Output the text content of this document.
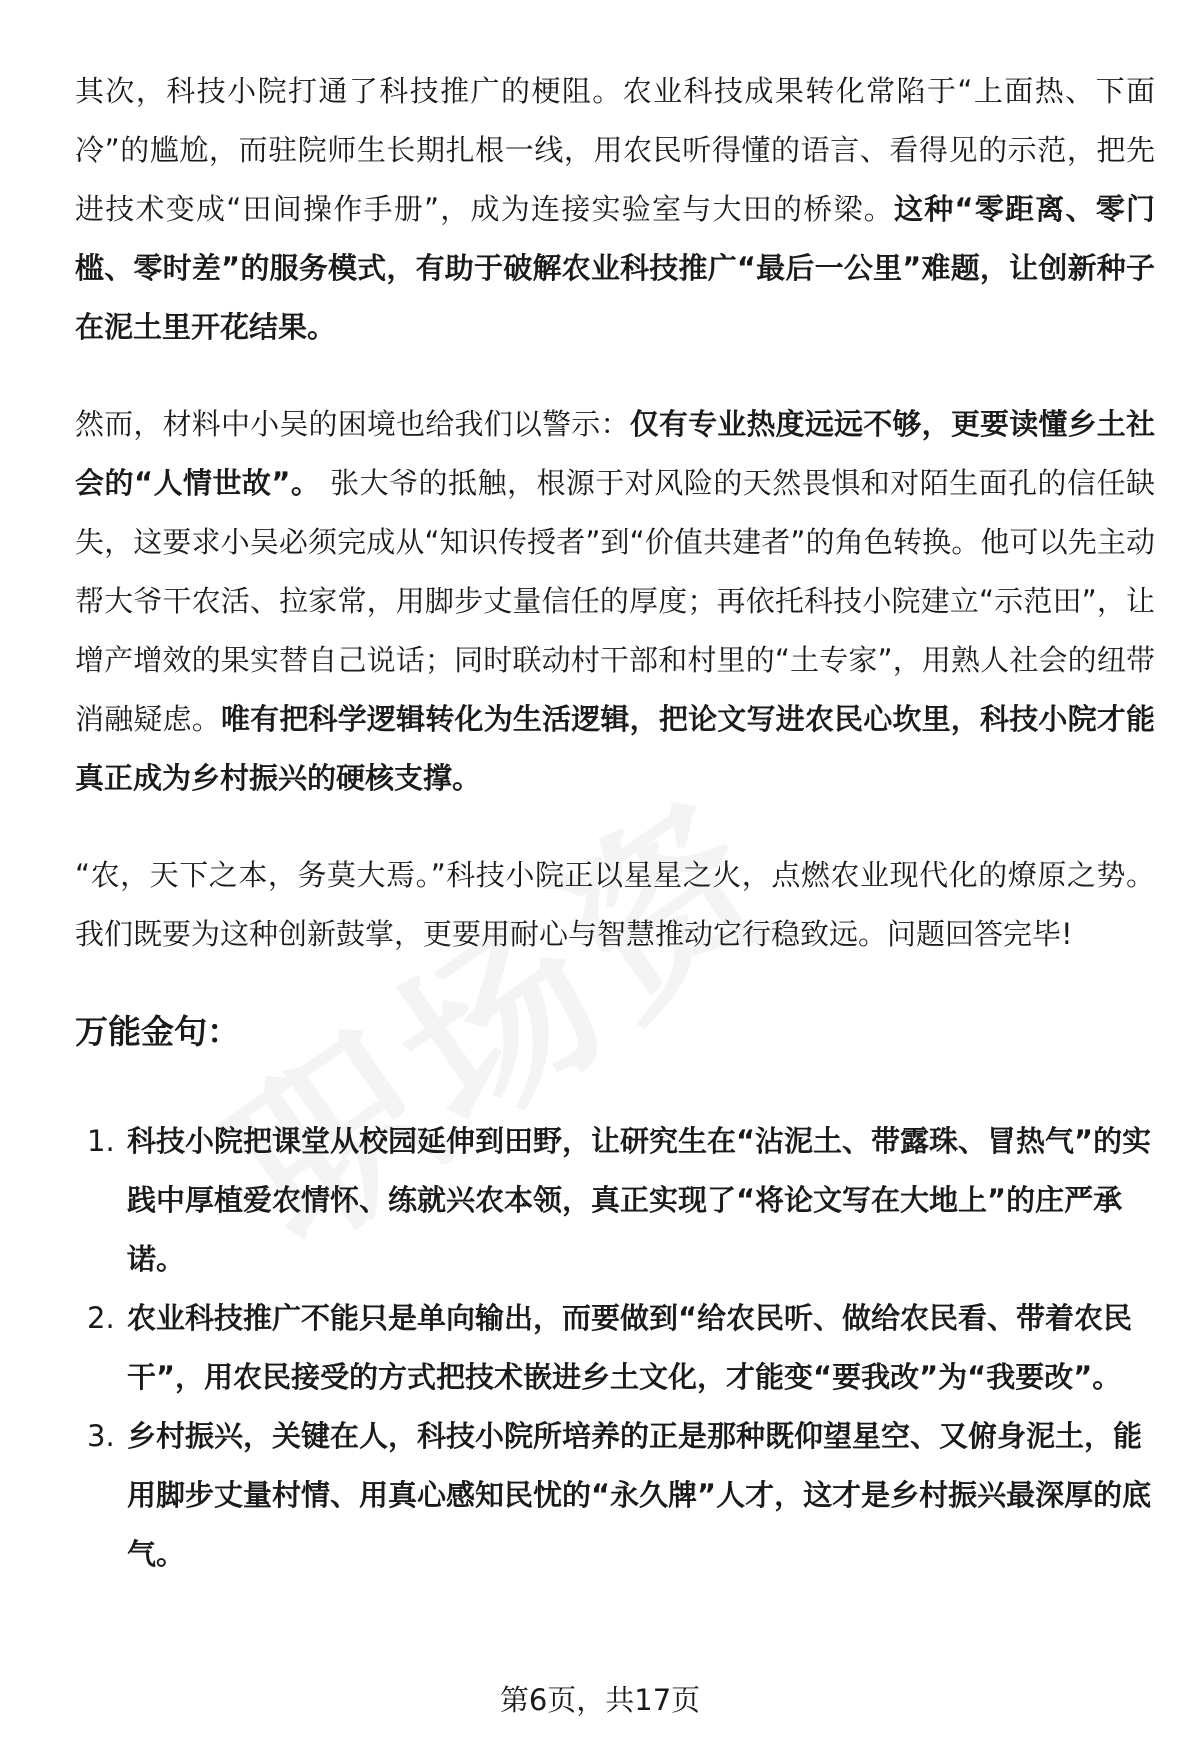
其次，科技小院打通了科技推广的梗阻。农业科技成果转化常陷于“上面热、下面冷”的尴尬，而驻院师生长期扎根一线，用农民听得懂的语言、看得见的示范，把先进技术变成“田间操作手册”，成为连接实验室与大田的桥梁。这种“零距离、零门槛、零时差”的服务模式，有助于破解农业科技推广“最后一公里”难题，让创新种子在泥土里开花结果。

然而，材料中小吴的困境也给我们以警示：仅有专业热度远远不够，更要读懂乡土社会的“人情世故”。 张大爷的抵触，根源于对风险的天然畏惧和对陌生面孔的信任缺失，这要求小吴必须完成从“知识传授者”到“价值共建者”的角色转换。他可以先主动帮大爷干农活、拉家常，用脚步丈量信任的厚度；再依托科技小院建立“示范田”，让增产增效的果实替自己说话；同时联动村干部和村里的“土专家”，用熟人社会的纽带消融疑虑。唯有把科学逻辑转化为生活逻辑，把论文写进农民心坎里，科技小院才能真正成为乡村振兴的硬核支撑。

“农，天下之本，务莫大焉。”科技小院正以星星之火，点燃农业现代化的燎原之势。我们既要为这种创新鼓掌，更要用耐心与智慧推动它行稳致远。问题回答完毕!

万能金句：
1. 科技小院把课堂从校园延伸到田野，让研究生在“沾泥土、带露珠、冒热气”的实践中厚植爱农情怀、练就兴农本领，真正实现了“将论文写在大地上”的庄严承诺。
2. 农业科技推广不能只是单向输出，而要做到“给农民听、做给农民看、带着农民干”，用农民接受的方式把技术嵌进乡土文化，才能变“要我改”为“我要改”。
3. 乡村振兴，关键在人，科技小院所培养的正是那种既仰望星空、又俯身泥土，能用脚步丈量村情、用真心感知民忧的“永久牌”人才，这才是乡村振兴最深厚的底气。
第6页，共17页
